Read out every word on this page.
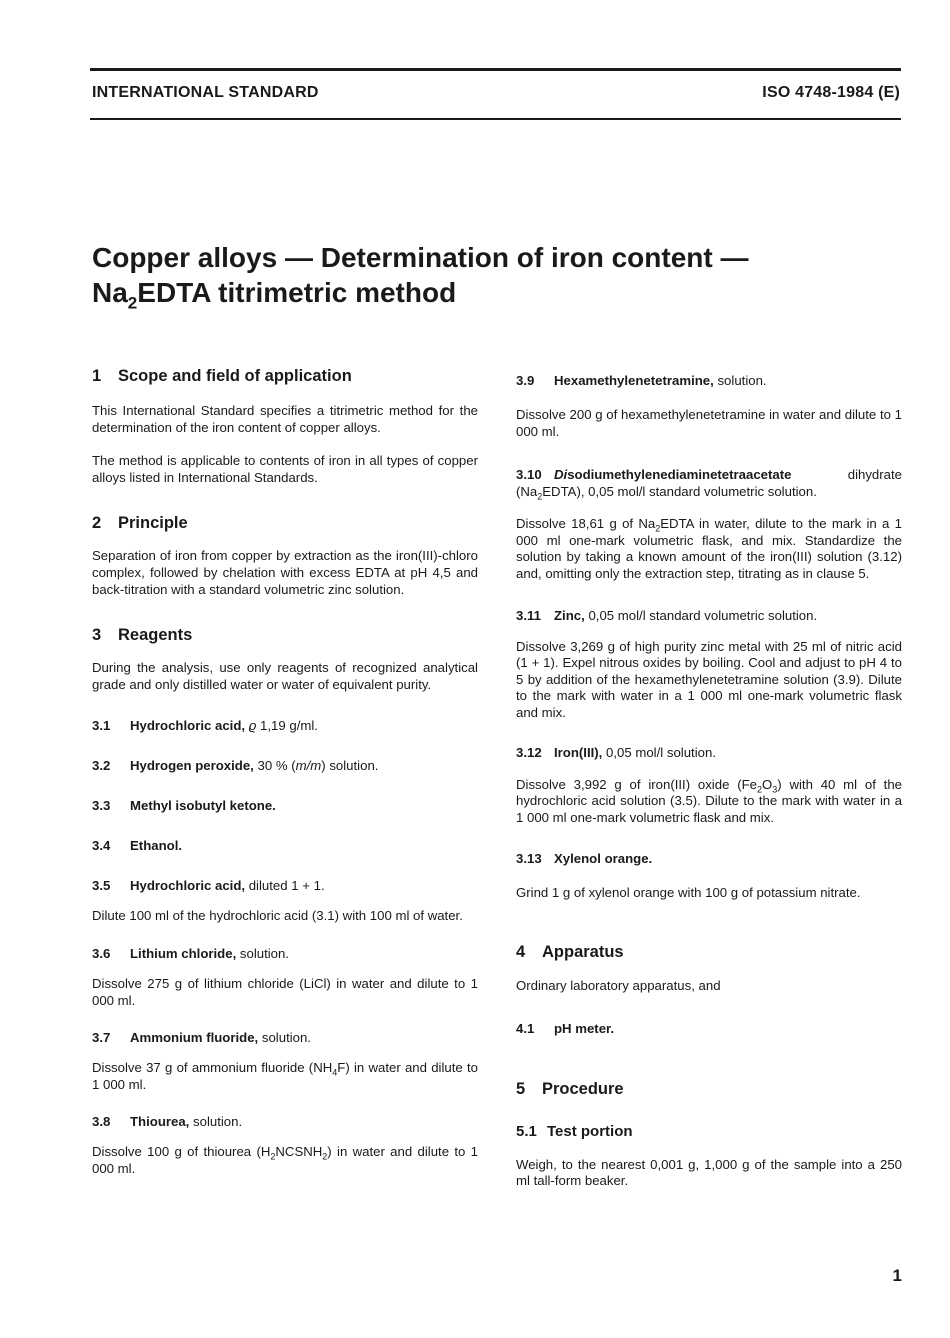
INTERNATIONAL STANDARD	ISO 4748-1984 (E)
Copper alloys — Determination of iron content —
$Na_2EDTA$ titrimetric method
1 Scope and field of application

This International Standard specifies a titrimetric method for the determination of the iron content of copper alloys.

The method is applicable to contents of iron in all types of copper alloys listed in International Standards.

2 Principle

Separation of iron from copper by extraction as the iron(III)-chloro complex, followed by chelation with excess EDTA at pH 4,5 and back-titration with a standard volumetric zinc solution.

3 Reagents

During the analysis, use only reagents of recognized analytical grade and only distilled water or water of equivalent purity.

3.1 Hydrochloric acid, ϱ 1,19 g/ml.
3.2 Hydrogen peroxide, 30 % (m/m) solution.
3.3 Methyl isobutyl ketone.
3.4 Ethanol.
3.5 Hydrochloric acid, diluted 1 + 1.

Dilute 100 ml of the hydrochloric acid (3.1) with 100 ml of water.

3.6 Lithium chloride, solution.

Dissolve 275 g of lithium chloride (LiCl) in water and dilute to 1 000 ml.

3.7 Ammonium fluoride, solution.

Dissolve 37 g of ammonium fluoride $(NH_4F)$ in water and dilute to 1 000 ml.

3.8 Thiourea, solution.

Dissolve 100 g of thiourea $(H_2NCSNH_2)$ in water and dilute to 1 000 ml.

3.9 Hexamethylenetetramine, solution.

Dissolve 200 g of hexamethylenetetramine in water and dilute to 1 000 ml.

3.10 Disodiumethylenediaminetetraacetate	dihydrate
$(Na_2EDTA)$, 0,05 mol/l standard volumetric solution.

Dissolve 18,61 g of $Na_2EDTA$ in water, dilute to the mark in a 1 000 ml one-mark volumetric flask, and mix. Standardize the solution by taking a known amount of the iron(III) solution (3.12) and, omitting only the extraction step, titrating as in clause 5.

3.11 Zinc, 0,05 mol/l standard volumetric solution.

Dissolve 3,269 g of high purity zinc metal with 25 ml of nitric acid (1 + 1). Expel nitrous oxides by boiling. Cool and adjust to pH 4 to 5 by addition of the hexamethylenetetramine solution (3.9). Dilute to the mark with water in a 1 000 ml one-mark volumetric flask and mix.

3.12 Iron(III), 0,05 mol/l solution.

Dissolve 3,992 g of iron(III) oxide $(Fe_2O_3)$ with 40 ml of the hydrochloric acid solution (3.5). Dilute to the mark with water in a 1 000 ml one-mark volumetric flask and mix.

3.13 Xylenol orange.

Grind 1 g of xylenol orange with 100 g of potassium nitrate.

4 Apparatus

Ordinary laboratory apparatus, and

4.1 pH meter.
5 Procedure
5.1 Test portion

Weigh, to the nearest 0,001 g, 1,000 g of the sample into a 250 ml tall-form beaker.

1
